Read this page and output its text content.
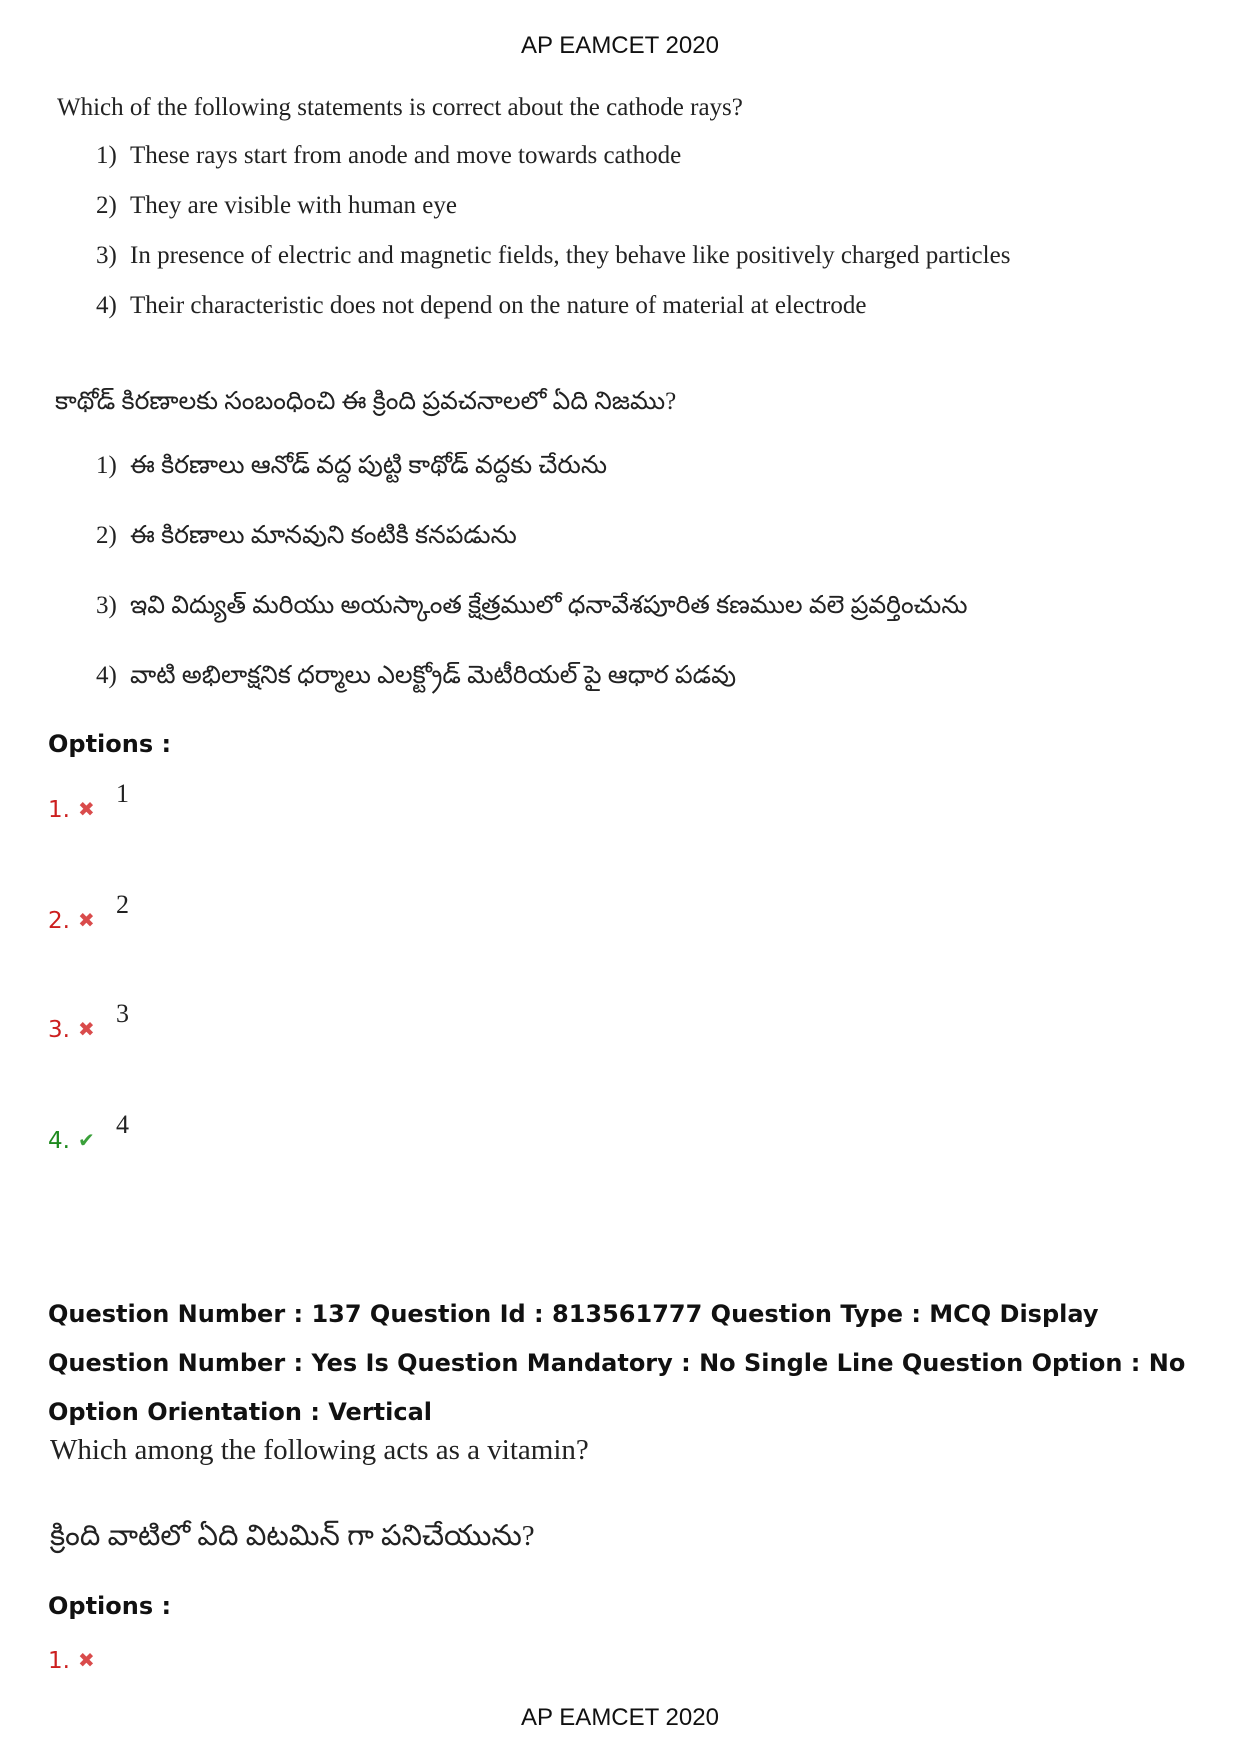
AP EAMCET 2020
Which of the following statements is correct about the cathode rays?
1) These rays start from anode and move towards cathode
2) They are visible with human eye
3) In presence of electric and magnetic fields, they behave like positively charged particles
4) Their characteristic does not depend on the nature of material at electrode
కాథోడ్ కిరణాలకు సంబంధించి ఈ క్రింది ప్రవచనాలలో ఏది నిజము?
1) ఈ కిరణాలు ఆనోడ్ వద్ద పుట్టి కాథోడ్ వద్దకు చేరును
2) ఈ కిరణాలు మానవుని కంటికి కనపడును
3) ఇవి విద్యుత్ మరియు అయస్కాంత క్షేత్రములో ధనావేశపూరిత కణముల వలె ప్రవర్తించును
4) వాటి అభిలాక్షనిక ధర్మాలు ఎలక్ట్రోడ్ మెటీరియల్ పై ఆధార పడవు
Options :
1. ✖
1
2. ✖
2
3. ✖
3
4. ✔
4
Question Number : 137 Question Id : 813561777 Question Type : MCQ Display Question Number : Yes Is Question Mandatory : No Single Line Question Option : No Option Orientation : Vertical
Which among the following acts as a vitamin?
క్రింది వాటిలో ఏది విటమిన్ గా పనిచేయును?
Options :
1. ✖
AP EAMCET 2020
